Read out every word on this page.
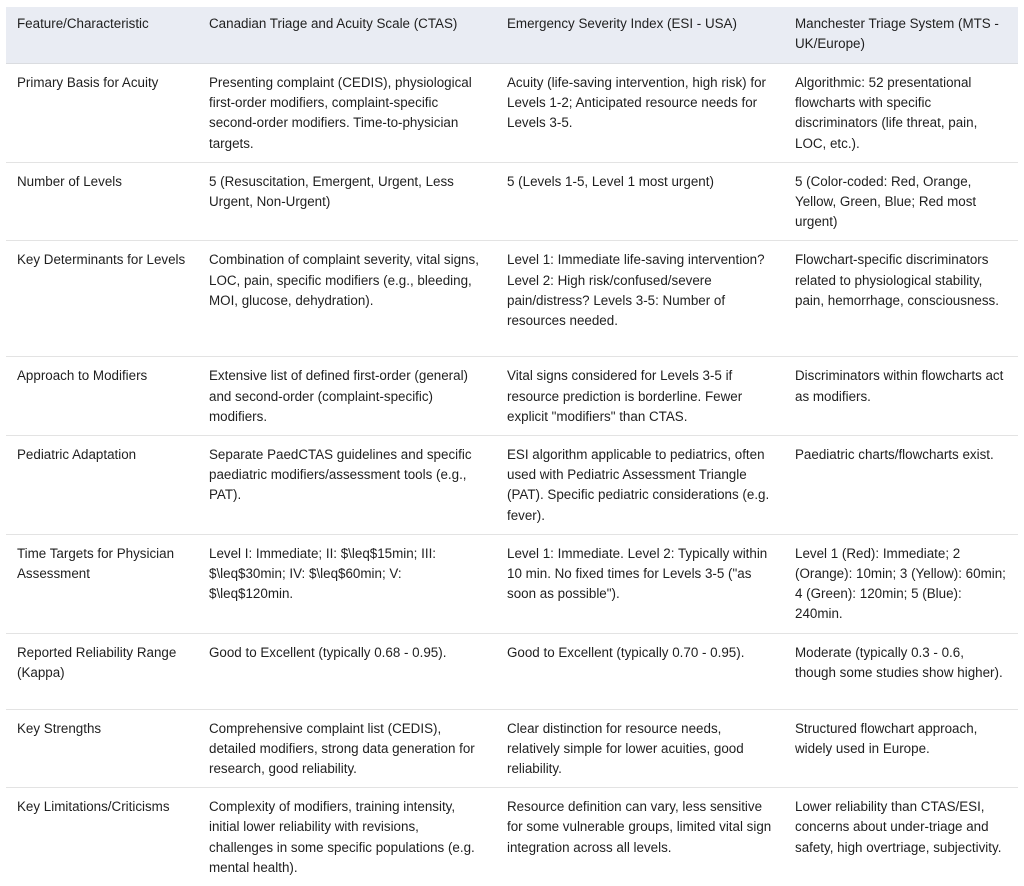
Feature/Characteristic	Canadian Triage and Acuity Scale (CTAS)	Emergency Severity Index (ESI - USA)	Manchester Triage System (MTS - UK/Europe)
Primary Basis for Acuity	Presenting complaint (CEDIS), physiological first-order modifiers, complaint-specific second-order modifiers. Time-to-physician targets.	Acuity (life-saving intervention, high risk) for Levels 1-2; Anticipated resource needs for Levels 3-5.	Algorithmic: 52 presentational flowcharts with specific discriminators (life threat, pain, LOC, etc.).
Number of Levels	5 (Resuscitation, Emergent, Urgent, Less Urgent, Non-Urgent)	5 (Levels 1-5, Level 1 most urgent)	5 (Color-coded: Red, Orange, Yellow, Green, Blue; Red most urgent)
Key Determinants for Levels	Combination of complaint severity, vital signs, LOC, pain, specific modifiers (e.g., bleeding, MOI, glucose, dehydration).	Level 1: Immediate life-saving intervention? Level 2: High risk/confused/severe pain/distress? Levels 3-5: Number of resources needed.	Flowchart-specific discriminators related to physiological stability, pain, hemorrhage, consciousness.
Approach to Modifiers	Extensive list of defined first-order (general) and second-order (complaint-specific) modifiers.	Vital signs considered for Levels 3-5 if resource prediction is borderline. Fewer explicit "modifiers" than CTAS.	Discriminators within flowcharts act as modifiers.
Pediatric Adaptation	Separate PaedCTAS guidelines and specific paediatric modifiers/assessment tools (e.g., PAT).	ESI algorithm applicable to pediatrics, often used with Pediatric Assessment Triangle (PAT). Specific pediatric considerations (e.g. fever).	Paediatric charts/flowcharts exist.
Time Targets for Physician Assessment	Level I: Immediate; II: $\leq$15min; III: $\leq$30min; IV: $\leq$60min; V: $\leq$120min.	Level 1: Immediate. Level 2: Typically within 10 min. No fixed times for Levels 3-5 ("as soon as possible").	Level 1 (Red): Immediate; 2 (Orange): 10min; 3 (Yellow): 60min; 4 (Green): 120min; 5 (Blue): 240min.
Reported Reliability Range (Kappa)	Good to Excellent (typically 0.68 - 0.95).	Good to Excellent (typically 0.70 - 0.95).	Moderate (typically 0.3 - 0.6, though some studies show higher).
Key Strengths	Comprehensive complaint list (CEDIS), detailed modifiers, strong data generation for research, good reliability.	Clear distinction for resource needs, relatively simple for lower acuities, good reliability.	Structured flowchart approach, widely used in Europe.
Key Limitations/Criticisms	Complexity of modifiers, training intensity, initial lower reliability with revisions, challenges in some specific populations (e.g. mental health).	Resource definition can vary, less sensitive for some vulnerable groups, limited vital sign integration across all levels.	Lower reliability than CTAS/ESI, concerns about under-triage and safety, high overtriage, subjectivity.
